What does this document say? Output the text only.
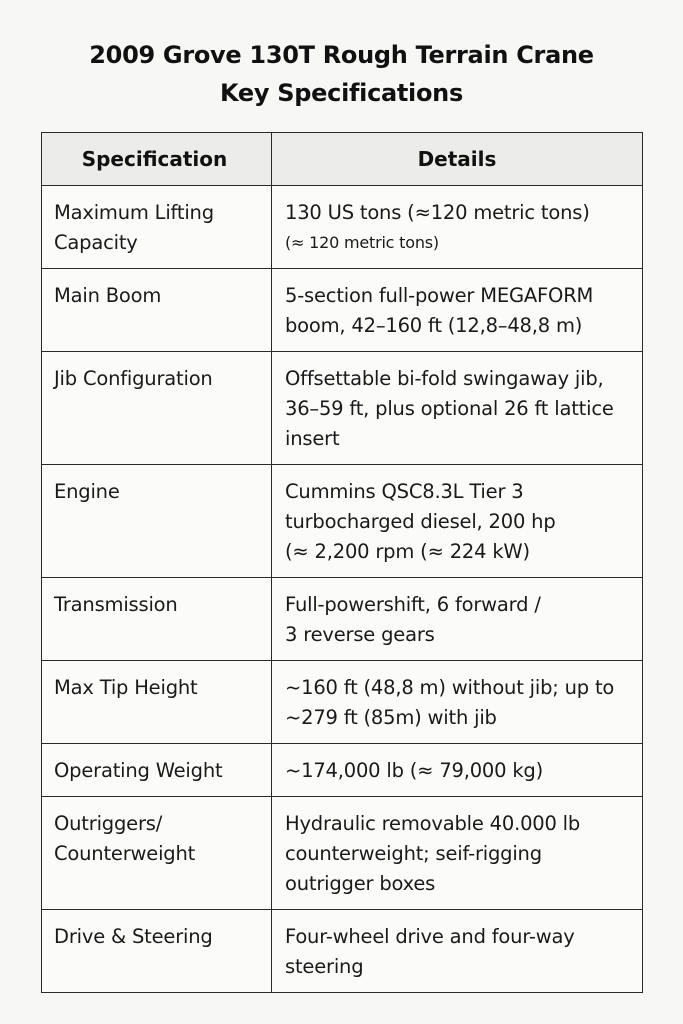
2009 Grove 130T Rough Terrain Crane
Key Specifications
Specification	Details

Maximum Lifting
Capacity	130 US tons (≈120 metric tons)
(≈ 120 metric tons)

Main Boom	5-section full-power MEGAFORM
boom, 42–160 ft (12,8–48,8 m)

Jib Configuration	Offsettable bi-fold swingaway jib,
36–59 ft, plus optional 26 ft lattice
insert

Engine	Cummins QSC8.3L Tier 3
turbocharged diesel, 200 hp
(≈ 2,200 rpm (≈ 224 kW)

Transmission	Full-powershift, 6 forward /
3 reverse gears

Max Tip Height	~160 ft (48,8 m) without jib; up to
~279 ft (85m) with jib

Operating Weight	~174,000 lb (≈ 79,000 kg)

Outriggers/
Counterweight	Hydraulic removable 40.000 lb
counterweight; seif-rigging
outrigger boxes

Drive & Steering	Four-wheel drive and four-way
steering
